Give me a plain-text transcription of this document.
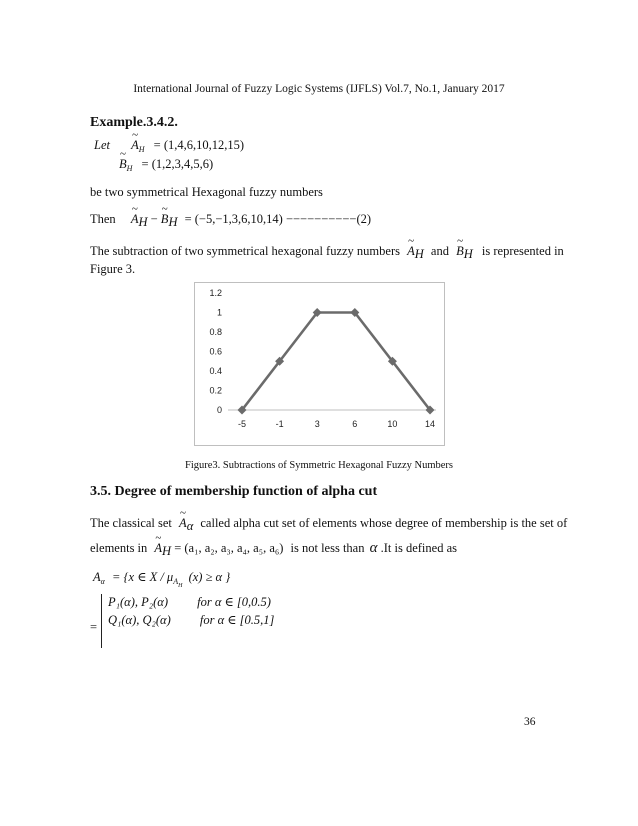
International Journal of Fuzzy Logic Systems (IJFLS) Vol.7, No.1, January 2017
Example.3.4.2.
Let ~ $A_H = (1,4,6,10,12,15)$
~ $B_H = (1,2,3,4,5,6)$
be two symmetrical Hexagonal fuzzy numbers
Then ~ $A_H$ − ~ $B_H = (-5,-1,3,6,10,14) ----------(2)$
The subtraction of two symmetrical hexagonal fuzzy numbers ~ $A_H$ and ~ $B_H$ is represented in
Figure 3.
0
0.2
0.4
0.6
0.8
1
1.2
-5	-1	3	6	10	14
Figure3. Subtractions of Symmetric Hexagonal Fuzzy Numbers
3.5. Degree of membership function of alpha cut
The classical set ~ $A_\alpha$ called alpha cut set of elements whose degree of membership is the set of
elements in ~ $A_H = (a_1$, a₂, a₃, a₄, a₅, a₆) is not less than α .It is defined as
$A_\alpha = \{x$ ∈ X / $\mu_{A_H}$ (x) ≥ α }
=
P₁(α), P₂(α) for α ∈ [0,0.5)
Q₁(α), Q₂(α) for α ∈ [0.5,1]
36
